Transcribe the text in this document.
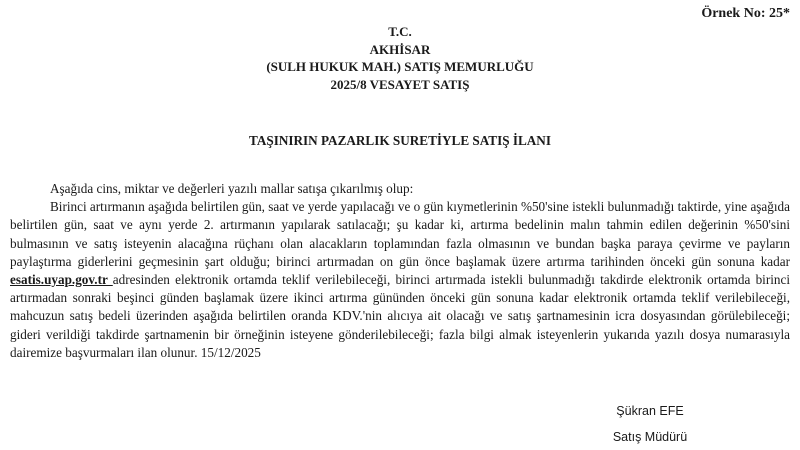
Örnek No: 25*
T.C.
AKHİSAR
(SULH HUKUK MAH.) SATIŞ MEMURLUĞU
2025/8 VESAYET SATIŞ
TAŞINIRIN PAZARLIK SURETİYLE SATIŞ İLANI

Aşağıda cins, miktar ve değerleri yazılı mallar satışa çıkarılmış olup:

Birinci artırmanın aşağıda belirtilen gün, saat ve yerde yapılacağı ve o gün kıymetlerinin %50'sine istekli bulunmadığı taktirde, yine aşağıda belirtilen gün, saat ve aynı yerde 2. artırmanın yapılarak satılacağı; şu kadar ki, artırma bedelinin malın tahmin edilen değerinin %50'sini bulmasının ve satış isteyenin alacağına rüçhanı olan alacakların toplamından fazla olmasının ve bundan başka paraya çevirme ve payların paylaştırma giderlerini geçmesinin şart olduğu; birinci artırmadan on gün önce başlamak üzere artırma tarihinden önceki gün sonuna kadar esatis.uyap.gov.tr adresinden elektronik ortamda teklif verilebileceği, birinci artırmada istekli bulunmadığı takdirde elektronik ortamda birinci artırmadan sonraki beşinci günden başlamak üzere ikinci artırma gününden önceki gün sonuna kadar elektronik ortamda teklif verilebileceği, mahcuzun satış bedeli üzerinden aşağıda belirtilen oranda KDV.'nin alıcıya ait olacağı ve satış şartnamesinin icra dosyasından görülebileceği; gideri verildiği takdirde şartnamenin bir örneğinin isteyene gönderilebileceği; fazla bilgi almak isteyenlerin yukarıda yazılı dosya numarasıyla dairemize başvurmaları ilan olunur. 15/12/2025

Şükran EFE
Satış Müdürü
